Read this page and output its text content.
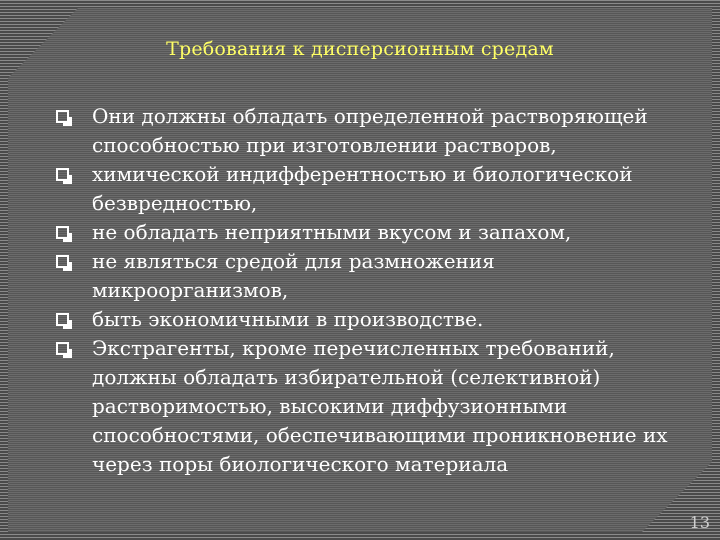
Требования к дисперсионным средам
Они должны обладать определенной растворяющей способностью при изготовлении растворов,
химической индифферентностью и биологической безвредностью,
не обладать неприятными вкусом и запахом,
не являться средой для размножения микроорганизмов,
быть экономичными в производстве.
Экстрагенты, кроме перечисленных требований, должны обладать избирательной (селективной) растворимостью, высокими диффузионными способностями, обеспечивающими проникновение их через поры биологического материала
13
